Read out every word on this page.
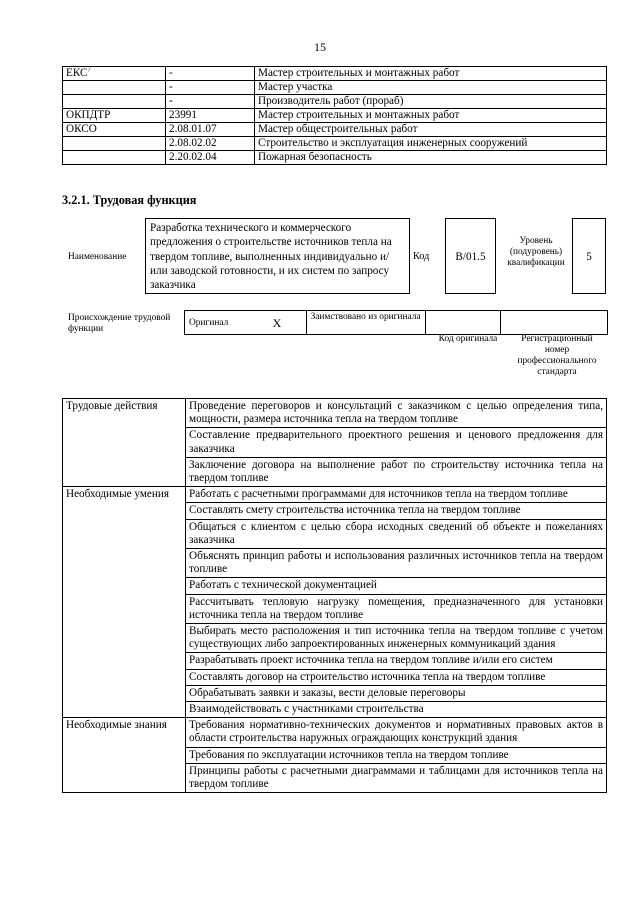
15
ЕКС$^7$	-	Мастер строительных и монтажных работ
	-	Мастер участка
	-	Производитель работ (прораб)
ОКПДТР	23991	Мастер строительных и монтажных работ
ОКСО	2.08.01.07	Мастер общестроительных работ
	2.08.02.02	Строительство и эксплуатация инженерных сооружений
	2.20.02.04	Пожарная безопасность
3.2.1. Трудовая функция
Наименование
Разработка технического и коммерческого предложения о строительстве источников тепла на твердом топливе, выполненных индивидуально и/или заводской готовности, и их систем по запросу заказчика
Код	B/01.5
Уровень (подуровень) квалификации	5
Происхождение трудовой функции
Оригинал	X	Заимствовано из оригинала		
Код оригинала	Регистрационный номер профессионального стандарта
Трудовые действия	Проведение переговоров и консультаций с заказчиком с целью определения типа, мощности, размера источника тепла на твердом топливе
	Составление предварительного проектного решения и ценового предложения для заказчика
	Заключение договора на выполнение работ по строительству источника тепла на твердом топливе
Необходимые умения	Работать с расчетными программами для источников тепла на твердом топливе
	Составлять смету строительства источника тепла на твердом топливе
	Общаться с клиентом с целью сбора исходных сведений об объекте и пожеланиях заказчика
	Объяснять принцип работы и использования различных источников тепла на твердом топливе
	Работать с технической документацией
	Рассчитывать тепловую нагрузку помещения, предназначенного для установки источника тепла на твердом топливе
	Выбирать место расположения и тип источника тепла на твердом топливе с учетом существующих либо запроектированных инженерных коммуникаций здания
	Разрабатывать проект источника тепла на твердом топливе и/или его систем
	Составлять договор на строительство источника тепла на твердом топливе
	Обрабатывать заявки и заказы, вести деловые переговоры
	Взаимодействовать с участниками строительства
Необходимые знания	Требования нормативно-технических документов и нормативных правовых актов в области строительства наружных ограждающих конструкций здания
	Требования по эксплуатации источников тепла на твердом топливе
	Принципы работы с расчетными диаграммами и таблицами для источников тепла на твердом топливе
